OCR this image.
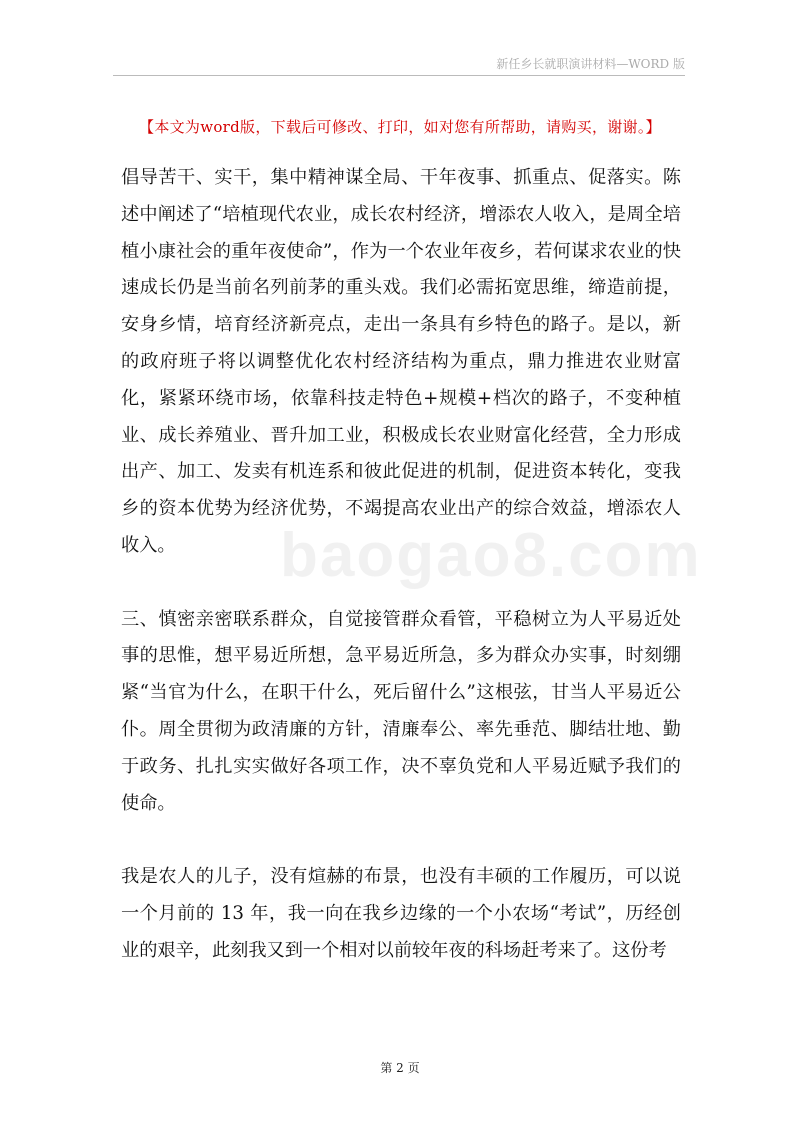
新任乡长就职演讲材料—WORD 版
【本文为word版，下载后可修改、打印，如对您有所帮助，请购买，谢谢。】
baogao8.com

倡导苦干、实干，集中精神谋全局、干年夜事、抓重点、促落实。陈述中阐述了“培植现代农业，成长农村经济，增添农人收入，是周全培植小康社会的重年夜使命”，作为一个农业年夜乡，若何谋求农业的快速成长仍是当前名列前茅的重头戏。我们必需拓宽思维，缔造前提，安身乡情，培育经济新亮点，走出一条具有乡特色的路子。是以，新的政府班子将以调整优化农村经济结构为重点，鼎力推进农业财富化，紧紧环绕市场，依靠科技走特色+规模+档次的路子，不变种植业、成长养殖业、晋升加工业，积极成长农业财富化经营，全力形成出产、加工、发卖有机连系和彼此促进的机制，促进资本转化，变我乡的资本优势为经济优势，不竭提高农业出产的综合效益，增添农人收入。

三、慎密亲密联系群众，自觉接管群众看管，平稳树立为人平易近处事的思惟，想平易近所想，急平易近所急，多为群众办实事，时刻绷紧“当官为什么，在职干什么，死后留什么”这根弦，甘当人平易近公仆。周全贯彻为政清廉的方针，清廉奉公、率先垂范、脚结壮地、勤于政务、扎扎实实做好各项工作，决不辜负党和人平易近赋予我们的使命。

我是农人的儿子，没有煊赫的布景，也没有丰硕的工作履历，可以说一个月前的 13 年，我一向在我乡边缘的一个小农场“考试”，历经创业的艰辛，此刻我又到一个相对以前较年夜的科场赶考来了。这份考

第 2 页
